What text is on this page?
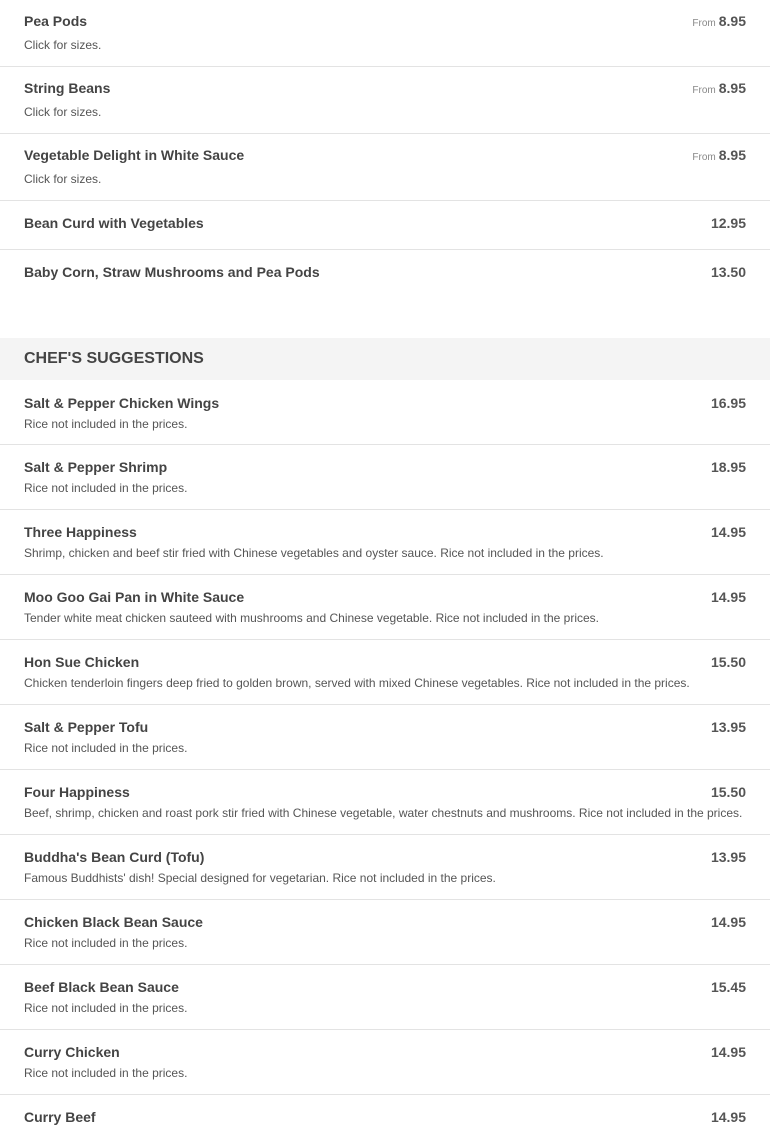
Pea Pods	From 8.95
Click for sizes.
String Beans	From 8.95
Click for sizes.
Vegetable Delight in White Sauce	From 8.95
Click for sizes.
Bean Curd with Vegetables	12.95
Baby Corn, Straw Mushrooms and Pea Pods	13.50
CHEF'S SUGGESTIONS
Salt & Pepper Chicken Wings	16.95
Rice not included in the prices.
Salt & Pepper Shrimp	18.95
Rice not included in the prices.
Three Happiness	14.95
Shrimp, chicken and beef stir fried with Chinese vegetables and oyster sauce. Rice not included in the prices.
Moo Goo Gai Pan in White Sauce	14.95
Tender white meat chicken sauteed with mushrooms and Chinese vegetable. Rice not included in the prices.
Hon Sue Chicken	15.50
Chicken tenderloin fingers deep fried to golden brown, served with mixed Chinese vegetables. Rice not included in the prices.
Salt & Pepper Tofu	13.95
Rice not included in the prices.
Four Happiness	15.50
Beef, shrimp, chicken and roast pork stir fried with Chinese vegetable, water chestnuts and mushrooms. Rice not included in the prices.
Buddha's Bean Curd (Tofu)	13.95
Famous Buddhists' dish! Special designed for vegetarian. Rice not included in the prices.
Chicken Black Bean Sauce	14.95
Rice not included in the prices.
Beef Black Bean Sauce	15.45
Rice not included in the prices.
Curry Chicken	14.95
Rice not included in the prices.
Curry Beef	14.95
